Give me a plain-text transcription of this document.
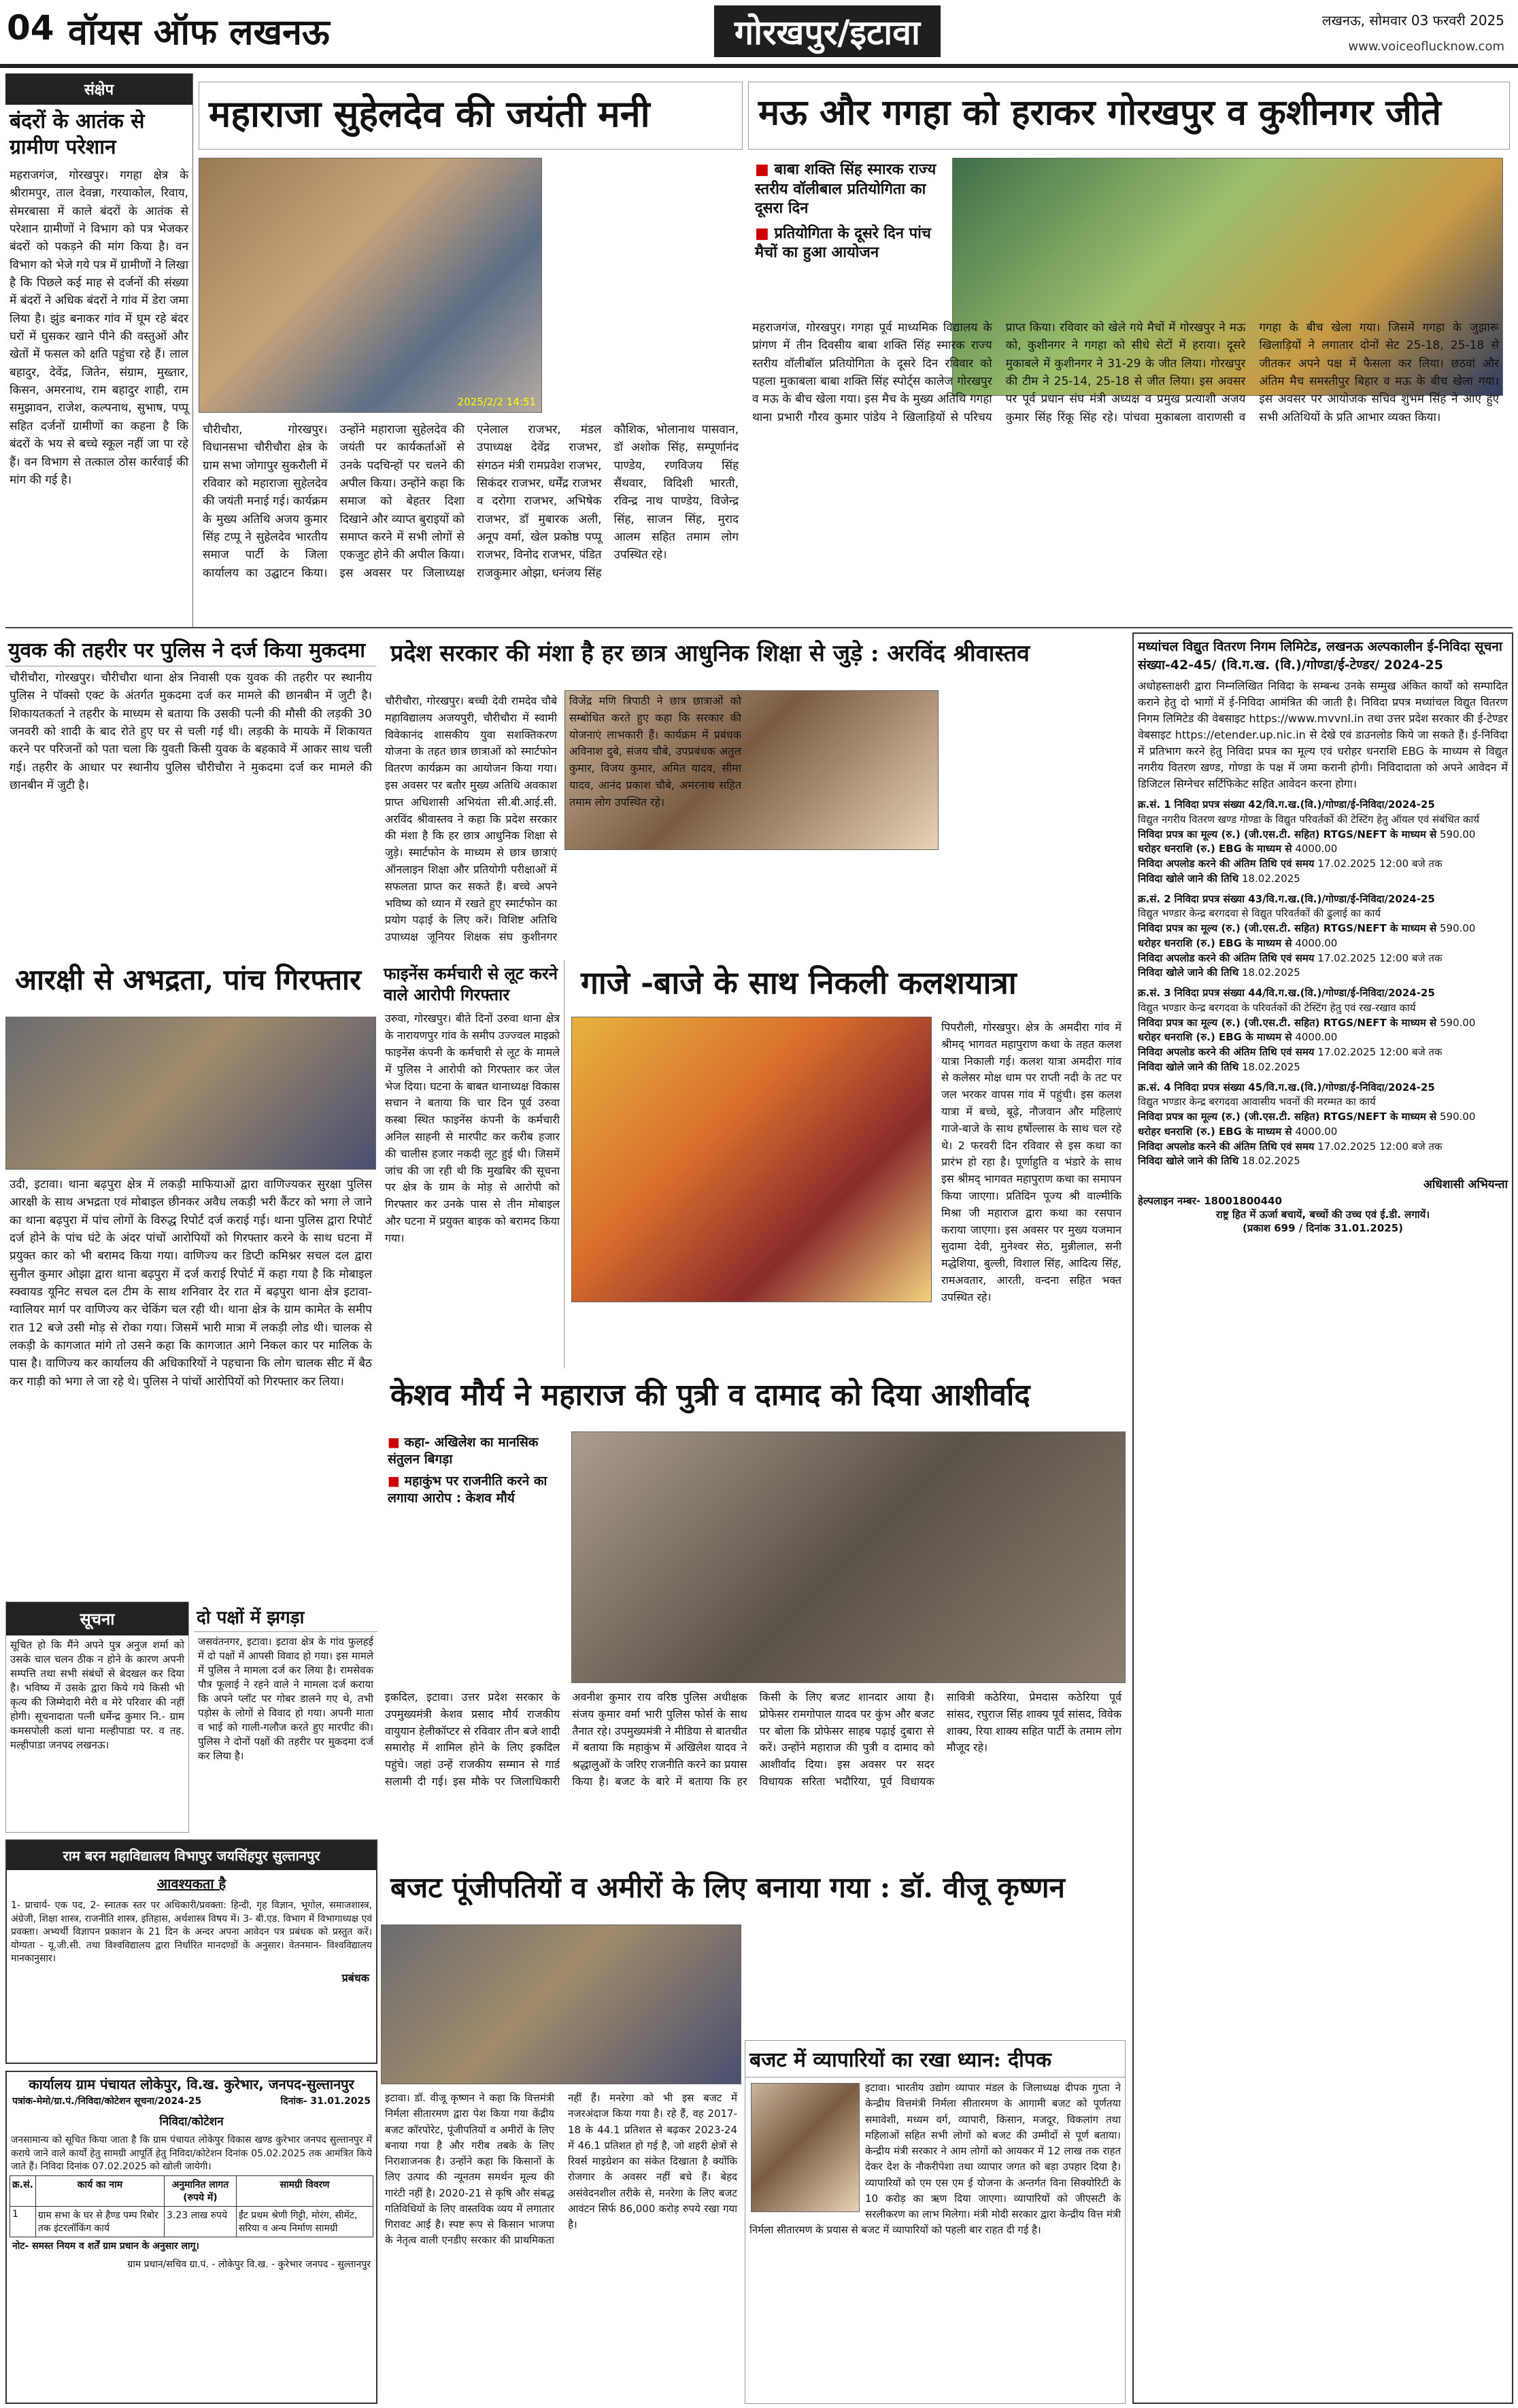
04 वॉयस ऑफ लखनऊ	गोरखपुर/इटावा	लखनऊ, सोमवार 03 फरवरी 2025
www.voiceoflucknow.com
संक्षेप
बंदरों के आतंक से ग्रामीण परेशान
महराजगंज, गोरखपुर। गगहा क्षेत्र के श्रीरामपुर, ताल देवन्ना, गरयाकोल, रिवाय, सेमरबासा में काले बंदरों के आतंक से परेशान ग्रामीणों ने विभाग को पत्र भेजकर बंदरों को पकड़ने की मांग किया है। वन विभाग को भेजे गये पत्र में ग्रामीणों ने लिखा है कि पिछले कई माह से दर्जनों की संख्या में बंदरों ने अधिक बंदरों ने गांव में डेरा जमा लिया है। झुंड बनाकर गांव में घूम रहे बंदर घरों में घुसकर खाने पीने की वस्तुओं और खेतों में फसल को क्षति पहुंचा रहे हैं। लाल बहादुर, देवेंद्र, जितेन, संग्राम, मुख्तार, किसन, अमरनाथ, राम बहादुर शाही, राम समुझावन, राजेश, कल्पनाथ, सुभाष, पप्पू सहित दर्जनों ग्रामीणों का कहना है कि बंदरों के भय से बच्चे स्कूल नहीं जा पा रहे हैं। वन विभाग से तत्काल ठोस कार्रवाई की मांग की गई है।
महाराजा सुहेलदेव की जयंती मनी
2025/2/2 14:51
चौरीचौरा, गोरखपुर। विधानसभा चौरीचौरा क्षेत्र के ग्राम सभा जोगापुर सुकरौली में रविवार को महाराजा सुहेलदेव की जयंती मनाई गई। कार्यक्रम के मुख्य अतिथि अजय कुमार सिंह टप्पू ने सुहेलदेव भारतीय समाज पार्टी के जिला कार्यालय का उद्घाटन किया। उन्होंने महाराजा सुहेलदेव की जयंती पर कार्यकर्ताओं से उनके पदचिन्हों पर चलने की अपील किया। उन्होंने कहा कि समाज को बेहतर दिशा दिखाने और व्याप्त बुराइयों को समाप्त करने में सभी लोगों से एकजुट होने की अपील किया। इस अवसर पर जिलाध्यक्ष एनेलाल राजभर, मंडल उपाध्यक्ष देवेंद्र राजभर, संगठन मंत्री रामप्रवेश राजभर, सिकंदर राजभर, धर्मेंद्र राजभर व दरोगा राजभर, अभिषेक राजभर, डॉ मुबारक अली, अनूप वर्मा, खेल प्रकोष्ठ पप्पू राजभर, विनोद राजभर, पंडित राजकुमार ओझा, धनंजय सिंह कौशिक, भोलानाथ पासवान, डॉ अशोक सिंह, सम्पूर्णानंद पाण्डेय, रणविजय सिंह सैंथवार, विदिशी भारती, रविन्द्र नाथ पाण्डेय, विजेन्द्र सिंह, साजन सिंह, मुराद आलम सहित तमाम लोग उपस्थित रहे।
मऊ और गगहा को हराकर गोरखपुर व कुशीनगर जीते
■ बाबा शक्ति सिंह स्मारक राज्य स्तरीय वॉलीबाल प्रतियोगिता का दूसरा दिन
■ प्रतियोगिता के दूसरे दिन पांच मैचों का हुआ आयोजन
महराजगंज, गोरखपुर। गगहा पूर्व माध्यमिक विद्यालय के प्रांगण में तीन दिवसीय बाबा शक्ति सिंह स्मारक राज्य स्तरीय वॉलीबॉल प्रतियोगिता के दूसरे दिन रविवार को पहला मुकाबला बाबा शक्ति सिंह स्पोर्ट्स कालेज गोरखपुर व मऊ के बीच खेला गया। इस मैच के मुख्य अतिथि गगहा थाना प्रभारी गौरव कुमार पांडेय ने खिलाड़ियों से परिचय प्राप्त किया। रविवार को खेले गये मैचों में गोरखपुर ने मऊ को, कुशीनगर ने गगहा को सीधे सेटों में हराया। दूसरे मुकाबले में कुशीनगर ने 31-29 के जीत लिया। गोरखपुर की टीम ने 25-14, 25-18 से जीत लिया। इस अवसर पर पूर्व प्रधान संघ मंत्री अध्यक्ष व प्रमुख प्रत्याशी अजय कुमार सिंह रिंकू सिंह रहे। पांचवा मुकाबला वाराणसी व गगहा के बीच खेला गया। जिसमें गगहा के जुझारू खिलाड़ियों ने लगातार दोनों सेट 25-18, 25-18 से जीतकर अपने पक्ष में फैसला कर लिया। छठवां और अंतिम मैच समस्तीपुर बिहार व मऊ के बीच खेला गया। इस अवसर पर आयोजक सचिव शुभम सिंह ने आए हुए सभी अतिथियों के प्रति आभार व्यक्त किया।
युवक की तहरीर पर पुलिस ने दर्ज किया मुकदमा
चौरीचौरा, गोरखपुर। चौरीचौरा थाना क्षेत्र निवासी एक युवक की तहरीर पर स्थानीय पुलिस ने पॉक्सो एक्ट के अंतर्गत मुकदमा दर्ज कर मामले की छानबीन में जुटी है। शिकायतकर्ता ने तहरीर के माध्यम से बताया कि उसकी पत्नी की मौसी की लड़की 30 जनवरी को शादी के बाद रोते हुए घर से चली गई थी। लड़की के मायके में शिकायत करने पर परिजनों को पता चला कि युवती किसी युवक के बहकावे में आकर साथ चली गई। तहरीर के आधार पर स्थानीय पुलिस चौरीचौरा ने मुकदमा दर्ज कर मामले की छानबीन में जुटी है।
आरक्षी से अभद्रता, पांच गिरफ्तार
उदी, इटावा। थाना बढ़पुरा क्षेत्र में लकड़ी माफियाओं द्वारा वाणिज्यकर सुरक्षा पुलिस आरक्षी के साथ अभद्रता एवं मोबाइल छीनकर अवैध लकड़ी भरी कैंटर को भगा ले जाने का थाना बढ़पुरा में पांच लोगों के विरुद्ध रिपोर्ट दर्ज कराई गई। थाना पुलिस द्वारा रिपोर्ट दर्ज होने के पांच घंटे के अंदर पांचों आरोपियों को गिरफ्तार करने के साथ घटना में प्रयुक्त कार को भी बरामद किया गया। वाणिज्य कर डिप्टी कमिश्नर सचल दल द्वारा सुनील कुमार ओझा द्वारा थाना बढ़पुरा में दर्ज कराई रिपोर्ट में कहा गया है कि मोबाइल स्क्वायड यूनिट सचल दल टीम के साथ शनिवार देर रात में बढ़पुरा थाना क्षेत्र इटावा-ग्वालियर मार्ग पर वाणिज्य कर चेकिंग चल रही थी। थाना क्षेत्र के ग्राम कामेत के समीप रात 12 बजे उसी मोड़ से रोका गया। जिसमें भारी मात्रा में लकड़ी लोड थी। चालक से लकड़ी के कागजात मांगे तो उसने कहा कि कागजात आगे निकल कार पर मालिक के पास है। वाणिज्य कर कार्यालय की अधिकारियों ने पहचाना कि लोग चालक सीट में बैठ कर गाड़ी को भगा ले जा रहे थे। पुलिस ने पांचों आरोपियों को गिरफ्तार कर लिया।
प्रदेश सरकार की मंशा है हर छात्र आधुनिक शिक्षा से जुड़े : अरविंद श्रीवास्तव
चौरीचौरा, गोरखपुर। बच्ची देवी रामदेव चौबे महाविद्यालय अजयपुरी, चौरीचौरा में स्वामी विवेकानंद शासकीय युवा सशक्तिकरण योजना के तहत छात्र छात्राओं को स्मार्टफोन वितरण कार्यक्रम का आयोजन किया गया। इस अवसर पर बतौर मुख्य अतिथि अवकाश प्राप्त अधिशासी अभियंता सी.बी.आई.सी. अरविंद श्रीवास्तव ने कहा कि प्रदेश सरकार की मंशा है कि हर छात्र आधुनिक शिक्षा से जुड़े। स्मार्टफोन के माध्यम से छात्र छात्राएं ऑनलाइन शिक्षा और प्रतियोगी परीक्षाओं में सफलता प्राप्त कर सकते हैं। बच्चे अपने भविष्य को ध्यान में रखते हुए स्मार्टफोन का प्रयोग पढ़ाई के लिए करें। विशिष्ट अतिथि उपाध्यक्ष जूनियर शिक्षक संघ कुशीनगर
फाइनेंस कर्मचारी से लूट करने वाले आरोपी गिरफ्तार
उरुवा, गोरखपुर। बीते दिनों उरुवा थाना क्षेत्र के नारायणपुर गांव के समीप उज्ज्वल माइक्रो फाइनेंस कंपनी के कर्मचारी से लूट के मामले में पुलिस ने आरोपी को गिरफ्तार कर जेल भेज दिया। घटना के बाबत थानाध्यक्ष विकास सचान ने बताया कि चार दिन पूर्व उरुवा कस्बा स्थित फाइनेंस कंपनी के कर्मचारी अनिल साहनी से मारपीट कर करीब हजार की चालीस हजार नकदी लूट हुई थी। जिसमें जांच की जा रही थी कि मुखबिर की सूचना पर क्षेत्र के ग्राम के मोड़ से आरोपी को गिरफ्तार कर उनके पास से तीन मोबाइल और घटना में प्रयुक्त बाइक को बरामद किया गया।
गाजे -बाजे के साथ निकली कलशयात्रा
पिपरौली, गोरखपुर। क्षेत्र के अमदीरा गांव में श्रीमद् भागवत महापुराण कथा के तहत कलश यात्रा निकाली गई। कलश यात्रा अमदीरा गांव से कलेसर मोक्ष धाम पर राप्ती नदी के तट पर जल भरकर वापस गांव में पहुंची। इस कलश यात्रा में बच्चे, बूढ़े, नौजवान और महिलाएं गाजे-बाजे के साथ हर्षोल्लास के साथ चल रहे थे। 2 फरवरी दिन रविवार से इस कथा का प्रारंभ हो रहा है। पूर्णाहुति व भंडारे के साथ इस श्रीमद् भागवत महापुराण कथा का समापन किया जाएगा। प्रतिदिन पूज्य श्री वाल्मीकि मिश्रा जी महाराज द्वारा कथा का रसपान कराया जाएगा। इस अवसर पर मुख्य यजमान सुदामा देवी, मुनेश्वर सेठ, मुन्नीलाल, सनी मद्धेशिया, बुल्ली, विशाल सिंह, आदित्य सिंह, रामअवतार, आरती, वन्दना सहित भक्त उपस्थित रहे।
केशव मौर्य ने महाराज की पुत्री व दामाद को दिया आशीर्वाद
■ कहा- अखिलेश का मानसिक संतुलन बिगड़ा
■ महाकुंभ पर राजनीति करने का लगाया आरोप : केशव मौर्य
इकदिल, इटावा। उत्तर प्रदेश सरकार के उपमुख्यमंत्री केशव प्रसाद मौर्य राजकीय वायुयान हेलीकॉप्टर से रविवार तीन बजे शादी समारोह में शामिल होने के लिए इकदिल पहुंचे। जहां उन्हें राजकीय सम्मान से गार्ड सलामी दी गई। इस मौके पर जिलाधिकारी अवनीश कुमार राय वरिष्ठ पुलिस अधीक्षक संजय कुमार वर्मा भारी पुलिस फोर्स के साथ तैनात रहे। उपमुख्यमंत्री ने मीडिया से बातचीत में बताया कि महाकुंभ में अखिलेश यादव ने श्रद्धालुओं के जरिए राजनीति करने का प्रयास किया है। बजट के बारे में बताया कि हर किसी के लिए बजट शानदार आया है। प्रोफेसर रामगोपाल यादव पर कुंभ और बजट पर बोला कि प्रोफेसर साहब पढ़ाई दुबारा से करें। उन्होंने महाराज की पुत्री व दामाद को आशीर्वाद दिया। इस अवसर पर सदर विधायक सरिता भदौरिया, पूर्व विधायक सावित्री कठेरिया, प्रेमदास कठेरिया पूर्व सांसद, रघुराज सिंह शाक्य पूर्व सांसद, विवेक शाक्य, रिया शाक्य सहित पार्टी के तमाम लोग मौजूद रहे।
सूचना
सूचित हो कि मैंने अपने पुत्र अनुज शर्मा को उसके चाल चलन ठीक न होने के कारण अपनी सम्पत्ति तथा सभी संबंधों से बेदखल कर दिया है। भविष्य में उसके द्वारा किये गये किसी भी कृत्य की जिम्मेदारी मेरी व मेरे परिवार की नहीं होगी। सूचनादाता पत्नी धर्मेन्द्र कुमार नि.- ग्राम कमसपोली कलां थाना मल्हीपाडा पर. व तह. मल्हीपाडा जनपद लखनऊ।
दो पक्षों में झगड़ा
जसवंतनगर, इटावा। इटावा क्षेत्र के गांव फुलहई में दो पक्षों में आपसी विवाद हो गया। इस मामले में पुलिस ने मामला दर्ज कर लिया है। रामसेवक पौत्र फूलाई ने रहने वाले ने मामला दर्ज कराया कि अपने प्लॉट पर गोबर डालने गए थे, तभी पड़ोस के लोगों से विवाद हो गया। अपनी माता व भाई को गाली-गलौज करते हुए मारपीट की। पुलिस ने दोनों पक्षों की तहरीर पर मुकदमा दर्ज कर लिया है।
राम बरन महाविद्यालय विभापुर जयसिंहपुर सुल्तानपुर
आवश्यकता है
1- प्राचार्य- एक पद, 2- स्नातक स्तर पर अधिकारी/प्रवक्ता: हिन्दी, गृह विज्ञान, भूगोल, समाजशास्त्र, अंग्रेजी, शिक्षा शास्त्र, राजनीति शास्त्र, इतिहास, अर्थशास्त्र विषय में। 3- बी.एड. विभाग में विभागाध्यक्ष एवं प्रवक्ता। अभ्यर्थी विज्ञापन प्रकाशन के 21 दिन के अन्दर अपना आवेदन पत्र प्रबंधक को प्रस्तुत करें। योग्यता - यू.जी.सी. तथा विश्वविद्यालय द्वारा निर्धारित मानदण्डों के अनुसार। वेतनमान- विश्वविद्यालय मानकानुसार।
प्रबंधक
कार्यालय ग्राम पंचायत लोकेपुर, वि.ख. कुरेभार, जनपद-सुल्तानपुर
पत्रांक-मेमो/ग्रा.पं./निविदा/कोटेशन सूचना/2024-25	दिनांक- 31.01.2025
निविदा/कोटेशन
जनसामान्य को सूचित किया जाता है कि ग्राम पंचायत लोकेपुर विकास खण्ड कुरेभार जनपद सुल्तानपुर में कराये जाने वाले कार्यों हेतु सामग्री आपूर्ति हेतु निविदा/कोटेशन दिनांक 05.02.2025 तक आमंत्रित किये जाते हैं। निविदा दिनांक 07.02.2025 को खोली जायेगी।
क्र.सं.	कार्य का नाम	अनुमानित लागत (रुपये में)	सामग्री विवरण
1	ग्राम सभा के घर से हैण्ड पम्प रिबोर तक इंटरलॉकिंग कार्य	3.23 लाख रुपये	ईंट प्रथम श्रेणी गिट्टी, मोरंग, सीमेंट, सरिया व अन्य निर्माण सामग्री
नोट- समस्त नियम व शर्तें ग्राम प्रधान के अनुसार लागू।
ग्राम प्रधान/सचिव ग्रा.पं. - लोकेपुर वि.ख. - कुरेभार जनपद - सुल्तानपुर
बजट पूंजीपतियों व अमीरों के लिए बनाया गया : डॉ. वीजू कृष्णन
इटावा। डॉ. वीजू कृष्णन ने कहा कि वित्तमंत्री निर्मला सीतारमण द्वारा पेश किया गया केंद्रीय बजट कॉरपोरेट, पूंजीपतियों व अमीरों के लिए बनाया गया है और गरीब तबके के लिए निराशाजनक है। उन्होंने कहा कि किसानों के लिए उत्पाद की न्यूनतम समर्थन मूल्य की गारंटी नहीं है। 2020-21 से कृषि और संबद्ध गतिविधियों के लिए वास्तविक व्यय में लगातार गिरावट आई है। स्पष्ट रूप से किसान भाजपा के नेतृत्व वाली एनडीए सरकार की प्राथमिकता नहीं हैं। मनरेगा को भी इस बजट में नजरअंदाज किया गया है। रहे हैं, वह 2017-18 के 44.1 प्रतिशत से बढ़कर 2023-24 में 46.1 प्रतिशत हो गई है, जो शहरी क्षेत्रों से रिवर्स माइग्रेशन का संकेत दिखाता है क्योंकि रोजगार के अवसर नहीं बचे हैं। बेहद असंवेदनशील तरीके से, मनरेगा के लिए बजट आवंटन सिर्फ 86,000 करोड़ रुपये रखा गया है।
बजट में व्यापारियों का रखा ध्यान: दीपक
इटावा। भारतीय उद्योग व्यापार मंडल के जिलाध्यक्ष दीपक गुप्ता ने केन्द्रीय वित्तमंत्री निर्मला सीतारमण के आगामी बजट को पूर्णतया समावेशी, मध्यम वर्ग, व्यापारी, किसान, मजदूर, विकलांग तथा महिलाओं सहित सभी लोगों को बजट की उम्मीदों से पूर्ण बताया। केन्द्रीय मंत्री सरकार ने आम लोगों को आयकर में 12 लाख तक राहत देकर देश के नौकरीपेशा तथा व्यापार जगत को बड़ा उपहार दिया है। व्यापारियों को एम एस एम ई योजना के अन्तर्गत विना सिक्योरिटी के 10 करोड़ का ऋण दिया जाएगा। व्यापारियों को जीएसटी के सरलीकरण का लाभ मिलेगा। मंत्री मोदी सरकार द्वारा केन्द्रीय वित्त मंत्री निर्मला सीतारमण के प्रयास से बजट में व्यापारियों को पहली बार राहत दी गई है।
मध्यांचल विद्युत वितरण निगम लिमिटेड, लखनऊ अल्पकालीन ई-निविदा सूचना संख्या-42-45/ (वि.ग.ख. (वि.)/गोण्डा/ई-टेण्डर/ 2024-25
अधोहस्ताक्षरी द्वारा निम्नलिखित निविदा के सम्बन्ध उनके सम्मुख अंकित कार्यों को सम्पादित कराने हेतु दो भागों में ई-निविदा आमंत्रित की जाती है। निविदा प्रपत्र मध्यांचल विद्युत वितरण निगम लिमिटेड की वेबसाइट https://www.mvvnl.in तथा उत्तर प्रदेश सरकार की ई-टेण्डर वेबसाइट https://etender.up.nic.in से देखे एवं डाउनलोड किये जा सकते हैं। ई-निविदा में प्रतिभाग करने हेतु निविदा प्रपत्र का मूल्य एवं धरोहर धनराशि EBG के माध्यम से विद्युत नगरीय वितरण खण्ड, गोण्डा के पक्ष में जमा करानी होगी। निविदादाता को अपने आवेदन में डिजिटल सिग्नेचर सर्टिफिकेट सहित आवेदन करना होगा।
क्र.सं. 1 निविदा प्रपत्र संख्या 42/वि.ग.ख.(वि.)/गोण्डा/ई-निविदा/2024-25
विद्युत नगरीय वितरण खण्ड गोण्डा के विद्युत परिवर्तकों की टेस्टिंग हेतु ऑयल एवं संबंधित कार्य
निविदा प्रपत्र का मूल्य (रु.) (जी.एस.टी. सहित) RTGS/NEFT के माध्यम से 590.00
धरोहर धनराशि (रु.) EBG के माध्यम से 4000.00
निविदा अपलोड करने की अंतिम तिथि एवं समय 17.02.2025 12:00 बजे तक
निविदा खोले जाने की तिथि 18.02.2025
क्र.सं. 2 निविदा प्रपत्र संख्या 43/वि.ग.ख.(वि.)/गोण्डा/ई-निविदा/2024-25
विद्युत भण्डार केन्द्र बरगदवा से विद्युत परिवर्तकों की ढुलाई का कार्य
निविदा प्रपत्र का मूल्य (रु.) (जी.एस.टी. सहित) RTGS/NEFT के माध्यम से 590.00
धरोहर धनराशि (रु.) EBG के माध्यम से 4000.00
निविदा अपलोड करने की अंतिम तिथि एवं समय 17.02.2025 12:00 बजे तक
निविदा खोले जाने की तिथि 18.02.2025
क्र.सं. 3 निविदा प्रपत्र संख्या 44/वि.ग.ख.(वि.)/गोण्डा/ई-निविदा/2024-25
विद्युत भण्डार केन्द्र बरगदवा के परिवर्तकों की टेस्टिंग हेतु एवं रख-रखाव कार्य
निविदा प्रपत्र का मूल्य (रु.) (जी.एस.टी. सहित) RTGS/NEFT के माध्यम से 590.00
धरोहर धनराशि (रु.) EBG के माध्यम से 4000.00
निविदा अपलोड करने की अंतिम तिथि एवं समय 17.02.2025 12:00 बजे तक
निविदा खोले जाने की तिथि 18.02.2025
क्र.सं. 4 निविदा प्रपत्र संख्या 45/वि.ग.ख.(वि.)/गोण्डा/ई-निविदा/2024-25
विद्युत भण्डार केन्द्र बरगदवा आवासीय भवनों की मरम्मत का कार्य
निविदा प्रपत्र का मूल्य (रु.) (जी.एस.टी. सहित) RTGS/NEFT के माध्यम से 590.00
धरोहर धनराशि (रु.) EBG के माध्यम से 4000.00
निविदा अपलोड करने की अंतिम तिथि एवं समय 17.02.2025 12:00 बजे तक
निविदा खोले जाने की तिथि 18.02.2025
अधिशासी अभियन्ता
हेल्पलाइन नम्बर- 18001800440
राष्ट्र हित में ऊर्जा बचायें, बच्चों की उच्च एवं ई.डी. लगायें।
(प्रकाश 699 / दिनांक 31.01.2025)
